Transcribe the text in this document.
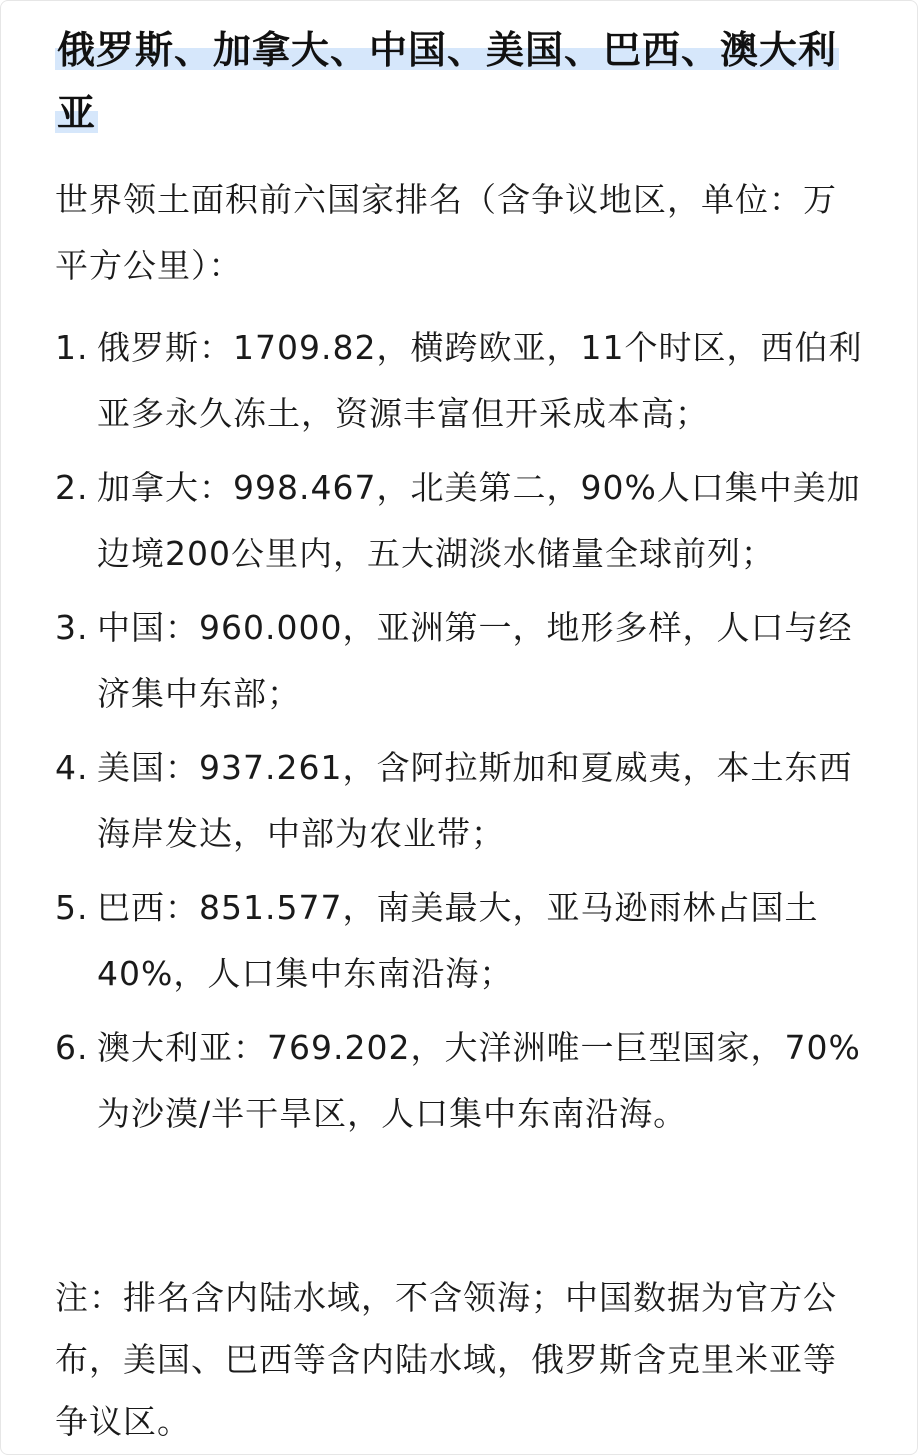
俄罗斯、加拿大、中国、美国、巴西、澳大利亚

世界领土面积前六国家排名（含争议地区，单位：万平方公里）：

1. 俄罗斯：1709.82，横跨欧亚，11个时区，西伯利亚多永久冻土，资源丰富但开采成本高；
2. 加拿大：998.467，北美第二，90%人口集中美加边境200公里内，五大湖淡水储量全球前列；
3. 中国：960.000，亚洲第一，地形多样，人口与经济集中东部；
4. 美国：937.261，含阿拉斯加和夏威夷，本土东西海岸发达，中部为农业带；
5. 巴西：851.577，南美最大，亚马逊雨林占国土40%，人口集中东南沿海；
6. 澳大利亚：769.202，大洋洲唯一巨型国家，70%为沙漠/半干旱区，人口集中东南沿海。

注：排名含内陆水域，不含领海；中国数据为官方公布，美国、巴西等含内陆水域，俄罗斯含克里米亚等争议区。
